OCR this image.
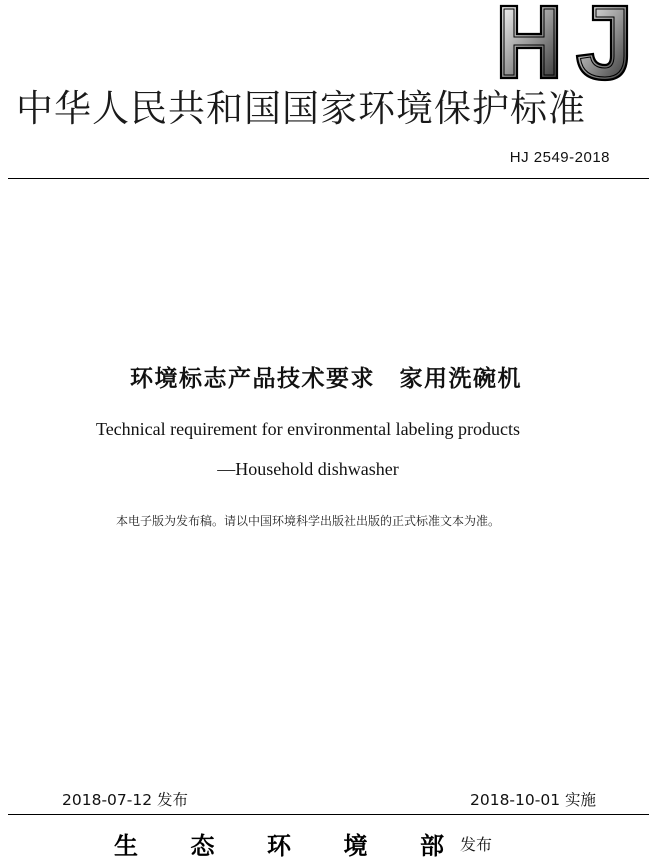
中华人民共和国国家环境保护标准
HJ 2549-2018
环境标志产品技术要求　家用洗碗机
Technical requirement for environmental labeling products
—Household dishwasher
本电子版为发布稿。请以中国环境科学出版社出版的正式标准文本为准。
2018-07-12 发布	2018-10-01 实施
生 态 环 境 部 发布
